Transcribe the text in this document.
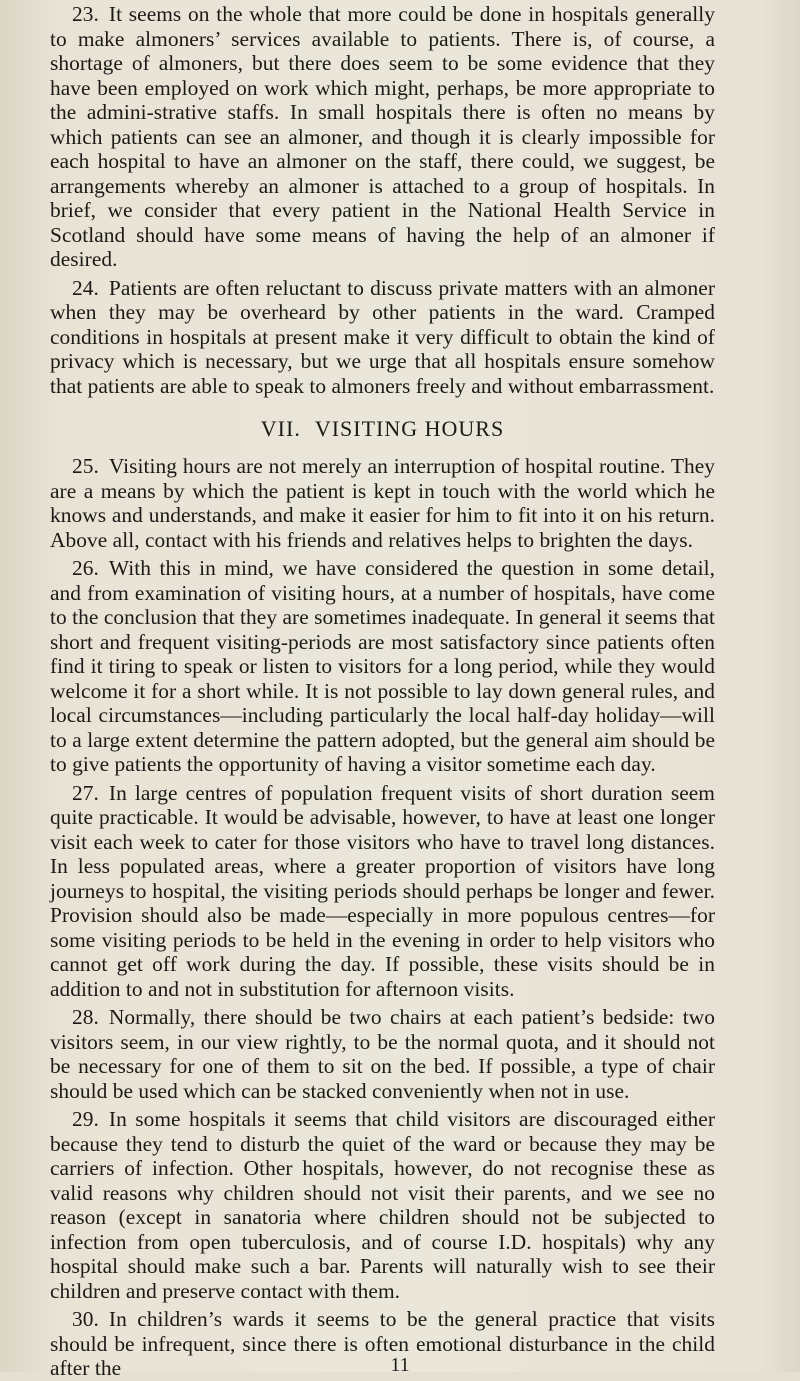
23. It seems on the whole that more could be done in hospitals generally to make almoners’ services available to patients. There is, of course, a shortage of almoners, but there does seem to be some evidence that they have been employed on work which might, perhaps, be more appropriate to the admini-strative staffs. In small hospitals there is often no means by which patients can see an almoner, and though it is clearly impossible for each hospital to have an almoner on the staff, there could, we suggest, be arrangements whereby an almoner is attached to a group of hospitals. In brief, we consider that every patient in the National Health Service in Scotland should have some means of having the help of an almoner if desired.

24. Patients are often reluctant to discuss private matters with an almoner when they may be overheard by other patients in the ward. Cramped conditions in hospitals at present make it very difficult to obtain the kind of privacy which is necessary, but we urge that all hospitals ensure somehow that patients are able to speak to almoners freely and without embarrassment.

VII. VISITING HOURS

25. Visiting hours are not merely an interruption of hospital routine. They are a means by which the patient is kept in touch with the world which he knows and understands, and make it easier for him to fit into it on his return. Above all, contact with his friends and relatives helps to brighten the days.

26. With this in mind, we have considered the question in some detail, and from examination of visiting hours, at a number of hospitals, have come to the conclusion that they are sometimes inadequate. In general it seems that short and frequent visiting-periods are most satisfactory since patients often find it tiring to speak or listen to visitors for a long period, while they would welcome it for a short while. It is not possible to lay down general rules, and local circumstances—including particularly the local half-day holiday—will to a large extent determine the pattern adopted, but the general aim should be to give patients the opportunity of having a visitor sometime each day.

27. In large centres of population frequent visits of short duration seem quite practicable. It would be advisable, however, to have at least one longer visit each week to cater for those visitors who have to travel long distances. In less populated areas, where a greater proportion of visitors have long journeys to hospital, the visiting periods should perhaps be longer and fewer. Provision should also be made—especially in more populous centres—for some visiting periods to be held in the evening in order to help visitors who cannot get off work during the day. If possible, these visits should be in addition to and not in substitution for afternoon visits.

28. Normally, there should be two chairs at each patient’s bedside: two visitors seem, in our view rightly, to be the normal quota, and it should not be necessary for one of them to sit on the bed. If possible, a type of chair should be used which can be stacked conveniently when not in use.

29. In some hospitals it seems that child visitors are discouraged either because they tend to disturb the quiet of the ward or because they may be carriers of infection. Other hospitals, however, do not recognise these as valid reasons why children should not visit their parents, and we see no reason (except in sanatoria where children should not be subjected to infection from open tuberculosis, and of course I.D. hospitals) why any hospital should make such a bar. Parents will naturally wish to see their children and preserve contact with them.

30. In children’s wards it seems to be the general practice that visits should be infrequent, since there is often emotional disturbance in the child after the	11
